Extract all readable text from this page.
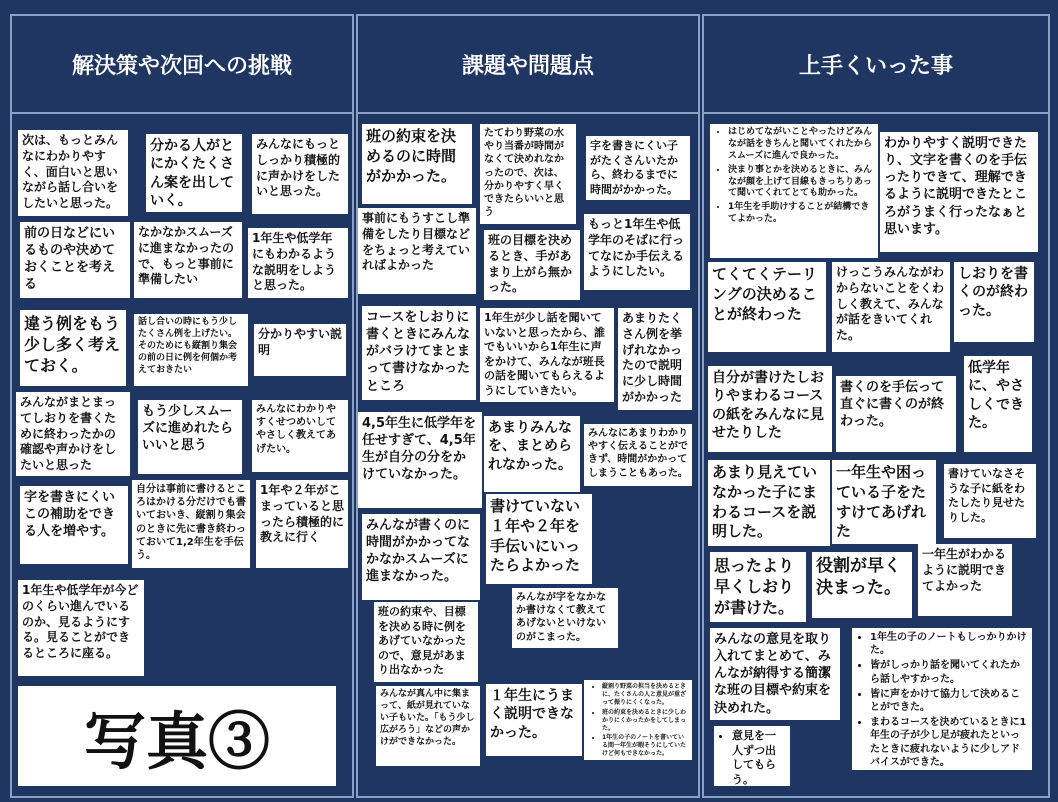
解決策や次回への挑戦	課題や問題点	上手くいった事
次は、もっとみんなにわかりやすく、面白いと思いながら話し合いをしたいと思った。
分かる人がとにかくたくさん案を出していく。
みんなにもっとしっかり積極的に声かけをしたいと思った。
前の日などにいるものや決めておくことを考える
なかなかスムーズに進まなかったので、もっと事前に準備したい
1年生や低学年にもわかるような説明をしようと思った。
違う例をもう少し多く考えておく。
話し合いの時にもう少したくさん例を上げたい。そのためにも縦割り集会の前の日に例を何個か考えておきたい
分かりやすい説明
みんながまとまってしおりを書くために終わったかの確認や声かけをしたいと思った
もう少しスムーズに進めれたらいいと思う
みんなにわかりやすくせつめいしてやさしく教えてあげたい。
字を書きにくいこの補助をできる人を増やす。
自分は事前に書けるところはかける分だけでも書いておいき、縦割り集会のときに先に書き終わっておいて1,2年生を手伝う。
1年や２年がこまっていると思ったら積極的に教えに行く
1年生や低学年が今どのくらい進んでいるのか、見るようにする。見ることができるところに座る。
写真③
班の約束を決めるのに時間がかかった。
たてわり野菜の水やり当番が時間がなくて決めれなかったので、次は、分かりやすく早くできたらいいと思う
字を書きにくい子がたくさんいたから、終わるまでに時間がかかった。
事前にもうすこし準備をしたり目標などをちょっと考えていればよかった
班の目標を決めるとき、手があまり上がら無かった。
もっと1年生や低学年のそばに行ってなにか手伝えるようにしたい。
コースをしおりに書くときにみんながバラけてまとまって書けなかったところ
1年生が少し話を聞いていないと思ったから、誰でもいいから1年生に声をかけて、みんなが班長の話を聞いてもらえるようにしていきたい。
あまりたくさん例を挙げれなかったので説明に少し時間がかかった
4,5年生に低学年を任せすぎて、4,5年生が自分の分をかけていなかった。
あまりみんなを、まとめられなかった。
みんなにあまりわかりやすく伝えることができず、時間がかかってしまうこともあった。
書けていない１年や２年を手伝いにいったらよかった
みんなが書くのに時間がかかってなかなかスムーズに進まなかった。
みんなが字をなかなか書けなくて教えてあげないといけないのがこまった。
班の約束や、目標を決める時に例をあげていなかったので、意見があまり出なかった
みんなが真ん中に集まって、紙が見れていない子もいた。「もう少し広がろう」などの声かけができなかった。
１年生にうまく説明できなかった。
• 縦割り野菜の担当を決めるときに、たくさんの人と意見が重ざって振りにくくなった。
• 班の約束を決めるときに少しわかりにくかったかをしてしまった。
• 1年生の子のノートを書いている間一年生が暇そうにしていたけど何もできなかった。
• はじめてながいことやったけどみんなが話をきちんと聞いてくれたからスムーズに進んで良かった。
• 決まり事とかを決めるときに、みんなが顔を上げて目線もきっちりあって聞いてくれてとても助かった。
• 1年生を手助けすることが結構できてよかった。
わかりやすく説明できたり、文字を書くのを手伝ったりできて、理解できるように説明できたところがうまく行ったなぁと思います。
てくてくテーリングの決めることが終わった
けっこうみんながわからないことをくわしく教えて、みんなが話をきいてくれた。
しおりを書くのが終わった。
自分が書けたしおりやまわるコースの紙をみんなに見せたりした
書くのを手伝って直ぐに書くのが終わった。
低学年に、やさしくできた。
あまり見えていなかった子にまわるコースを説明した。
一年生や困っている子をたすけてあげれた
書けていなさそうな子に紙をわたしたり見せたりした。
思ったより早くしおりが書けた。
役割が早く決まった。
一年生がわかるように説明できてよかった
みんなの意見を取り入れてまとめて、みんなが納得する簡潔な班の目標や約束を決めれた。
• 1年生の子のノートもしっかりかけた。
• 皆がしっかり話を聞いてくれたから話しやすかった。
• 皆に声をかけて協力して決めることができた。
• まわるコースを決めているときに1年生の子が少し足が疲れたといったときに疲れないように少しアドバイスができた。
• 意見を一人ずつ出してもらう。
